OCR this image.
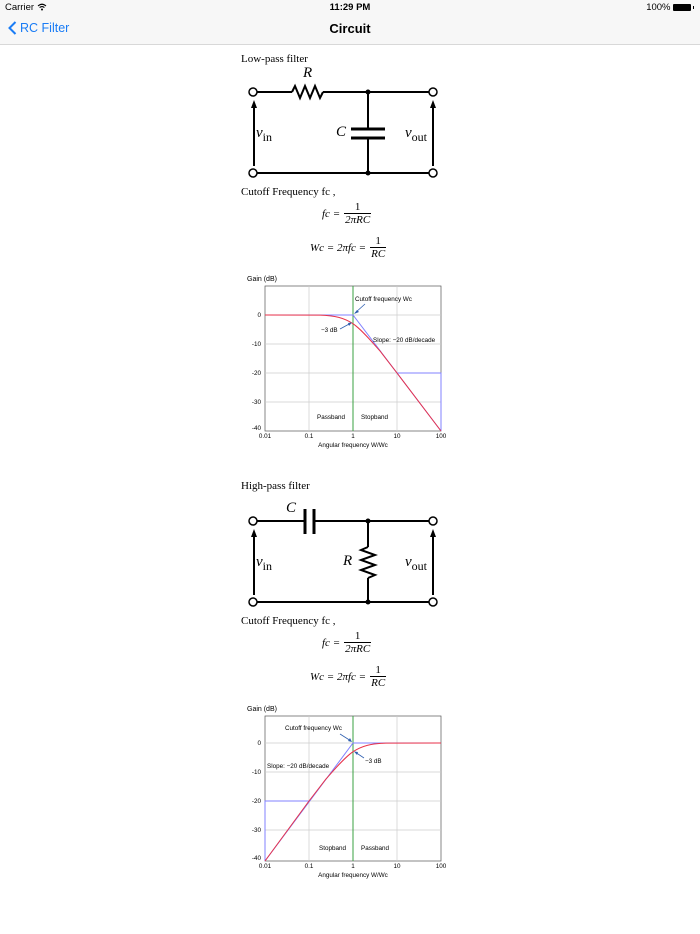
Carrier	11:29 PM	100%
RC Filter	Circuit
Low-pass filter
R
C
$v_{in}$	$v_{out}$
Cutoff Frequency fc ,
fc =
1
2πRC
$Wc = 2\pi fc = \frac{1}{RC}$
Gain (dB)
0
-10
-20
-30
-40
0.01	0.1	1	10	100
Angular frequency W/Wc
Cutoff frequency Wc
−3 dB
Slope: −20 dB/decade
Passband	Stopband
High-pass filter
C
R
$v_{in}$	$v_{out}$
Cutoff Frequency fc ,
fc =
1
2πRC
$Wc = 2\pi fc = \frac{1}{RC}$
Gain (dB)
0
-10
-20
-30
-40
0.01	0.1	1	10	100
Angular frequency W/Wc
Cutoff frequency Wc
−3 dB
Slope: −20 dB/decade
Stopband Passband
